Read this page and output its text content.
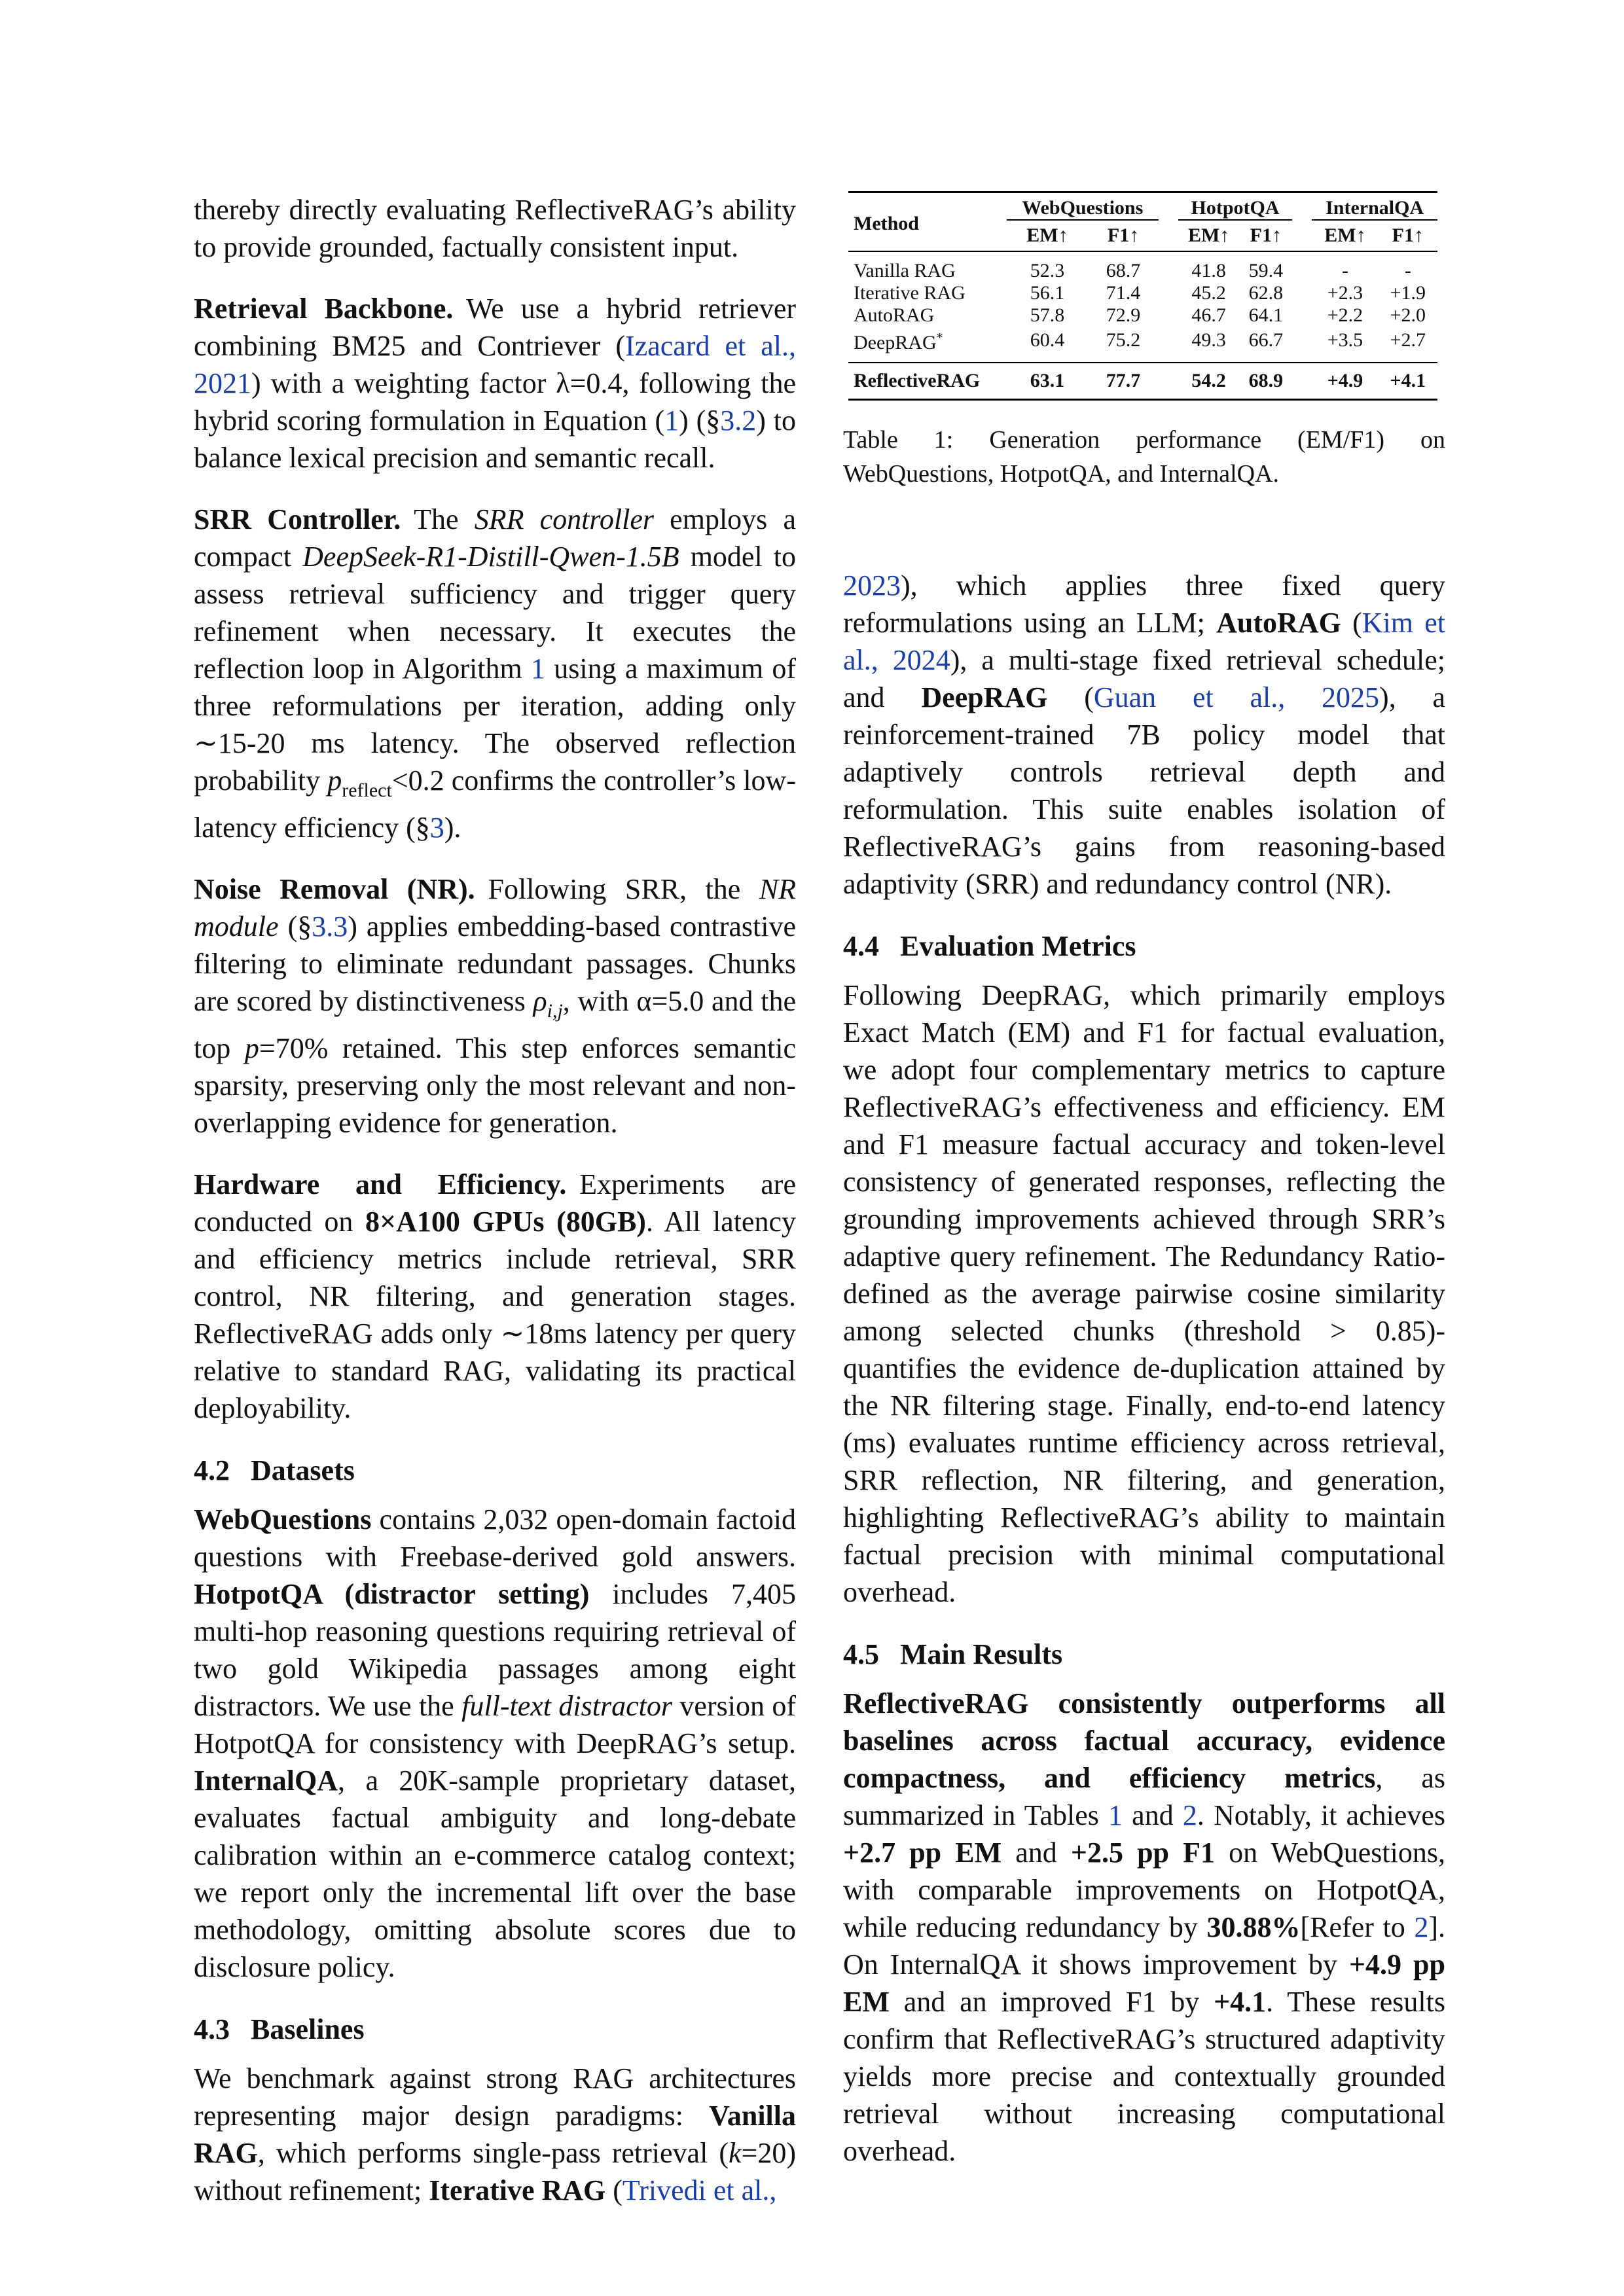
thereby directly evaluating ReflectiveRAG’s ability to provide grounded, factually consistent input.

Retrieval Backbone. We use a hybrid retriever combining BM25 and Contriever (Izacard et al., 2021) with a weighting factor λ=0.4, following the hybrid scoring formulation in Equation (1) (§3.2) to balance lexical precision and semantic recall.

SRR Controller. The SRR controller employs a compact DeepSeek-R1-Distill-Qwen-1.5B model to assess retrieval sufficiency and trigger query refinement when necessary. It executes the reflection loop in Algorithm 1 using a maximum of three reformulations per iteration, adding only ∼15-20 ms latency. The observed reflection probability $p_{reflect}<0.2$ confirms the controller’s low-latency efficiency (§3).

Noise Removal (NR). Following SRR, the NR module (§3.3) applies embedding-based contrastive filtering to eliminate redundant passages. Chunks are scored by distinctiveness $\rho_{i,j}$, with α=5.0 and the top p=70% retained. This step enforces semantic sparsity, preserving only the most relevant and non-overlapping evidence for generation.

Hardware and Efficiency. Experiments are conducted on 8×A100 GPUs (80GB). All latency and efficiency metrics include retrieval, SRR control, NR filtering, and generation stages. ReflectiveRAG adds only ∼18ms latency per query relative to standard RAG, validating its practical deployability.

4.2 Datasets

WebQuestions contains 2,032 open-domain factoid questions with Freebase-derived gold answers. HotpotQA (distractor setting) includes 7,405 multi-hop reasoning questions requiring retrieval of two gold Wikipedia passages among eight distractors. We use the full-text distractor version of HotpotQA for consistency with DeepRAG’s setup. InternalQA, a 20K-sample proprietary dataset, evaluates factual ambiguity and long-debate calibration within an e-commerce catalog context; we report only the incremental lift over the base methodology, omitting absolute scores due to disclosure policy.

4.3 Baselines

We benchmark against strong RAG architectures representing major design paradigms: Vanilla RAG, which performs single-pass retrieval (k=20) without refinement; Iterative RAG (Trivedi et al.,

Method	WebQuestions			HotpotQA			InternalQA	
	EM↑	F1↑		EM↑	F1↑		EM↑	F1↑

Vanilla RAG	52.3	68.7		41.8	59.4		-	-
Iterative RAG	56.1	71.4		45.2	62.8		+2.3	+1.9
AutoRAG	57.8	72.9		46.7	64.1		+2.2	+2.0
DeepRAG*	60.4	75.2		49.3	66.7		+3.5	+2.7

ReflectiveRAG	63.1	77.7		54.2	68.9		+4.9	+4.1

Table 1: Generation performance (EM/F1) on WebQuestions, HotpotQA, and InternalQA.

2023), which applies three fixed query reformulations using an LLM; AutoRAG (Kim et al., 2024), a multi-stage fixed retrieval schedule; and DeepRAG (Guan et al., 2025), a reinforcement-trained 7B policy model that adaptively controls retrieval depth and reformulation. This suite enables isolation of ReflectiveRAG’s gains from reasoning-based adaptivity (SRR) and redundancy control (NR).

4.4 Evaluation Metrics

Following DeepRAG, which primarily employs Exact Match (EM) and F1 for factual evaluation, we adopt four complementary metrics to capture ReflectiveRAG’s effectiveness and efficiency. EM and F1 measure factual accuracy and token-level consistency of generated responses, reflecting the grounding improvements achieved through SRR’s adaptive query refinement. The Redundancy Ratio-defined as the average pairwise cosine similarity among selected chunks (threshold > 0.85)-quantifies the evidence de-duplication attained by the NR filtering stage. Finally, end-to-end latency (ms) evaluates runtime efficiency across retrieval, SRR reflection, NR filtering, and generation, highlighting ReflectiveRAG’s ability to maintain factual precision with minimal computational overhead.

4.5 Main Results

ReflectiveRAG consistently outperforms all baselines across factual accuracy, evidence compactness, and efficiency metrics, as summarized in Tables 1 and 2. Notably, it achieves +2.7 pp EM and +2.5 pp F1 on WebQuestions, with comparable improvements on HotpotQA, while reducing redundancy by 30.88%[Refer to 2]. On InternalQA it shows improvement by +4.9 pp EM and an improved F1 by +4.1. These results confirm that ReflectiveRAG’s structured adaptivity yields more precise and contextually grounded retrieval without increasing computational overhead.
